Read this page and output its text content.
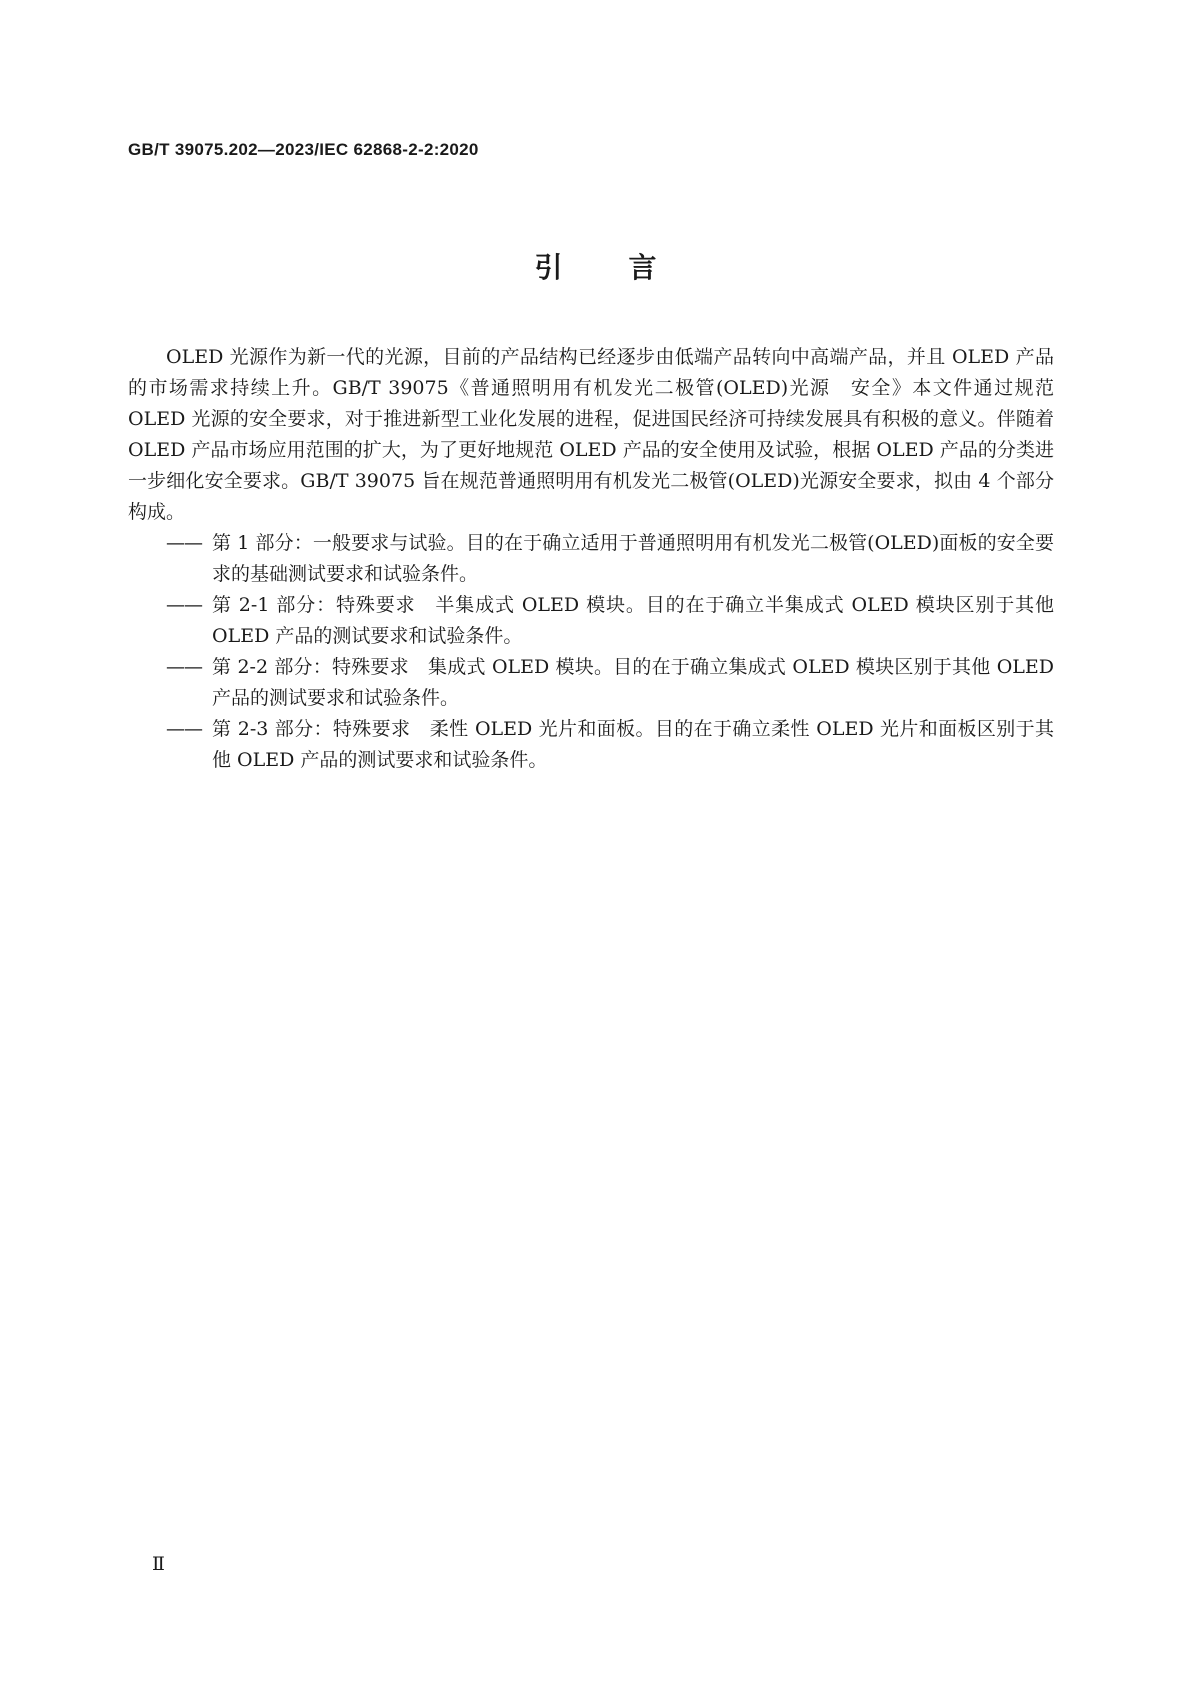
GB/T 39075.202—2023/IEC 62868-2-2:2020
引言

OLED 光源作为新一代的光源，目前的产品结构已经逐步由低端产品转向中高端产品，并且 OLED 产品的市场需求持续上升。GB/T 39075《普通照明用有机发光二极管(OLED)光源　安全》本文件通过规范 OLED 光源的安全要求，对于推进新型工业化发展的进程，促进国民经济可持续发展具有积极的意义。伴随着 OLED 产品市场应用范围的扩大，为了更好地规范 OLED 产品的安全使用及试验，根据 OLED 产品的分类进一步细化安全要求。GB/T 39075 旨在规范普通照明用有机发光二极管(OLED)光源安全要求，拟由 4 个部分构成。

—— 第 1 部分：一般要求与试验。目的在于确立适用于普通照明用有机发光二极管(OLED)面板的安全要求的基础测试要求和试验条件。
—— 第 2-1 部分：特殊要求　半集成式 OLED 模块。目的在于确立半集成式 OLED 模块区别于其他 OLED 产品的测试要求和试验条件。
—— 第 2-2 部分：特殊要求　集成式 OLED 模块。目的在于确立集成式 OLED 模块区别于其他 OLED 产品的测试要求和试验条件。
—— 第 2-3 部分：特殊要求　柔性 OLED 光片和面板。目的在于确立柔性 OLED 光片和面板区别于其他 OLED 产品的测试要求和试验条件。
Ⅱ
